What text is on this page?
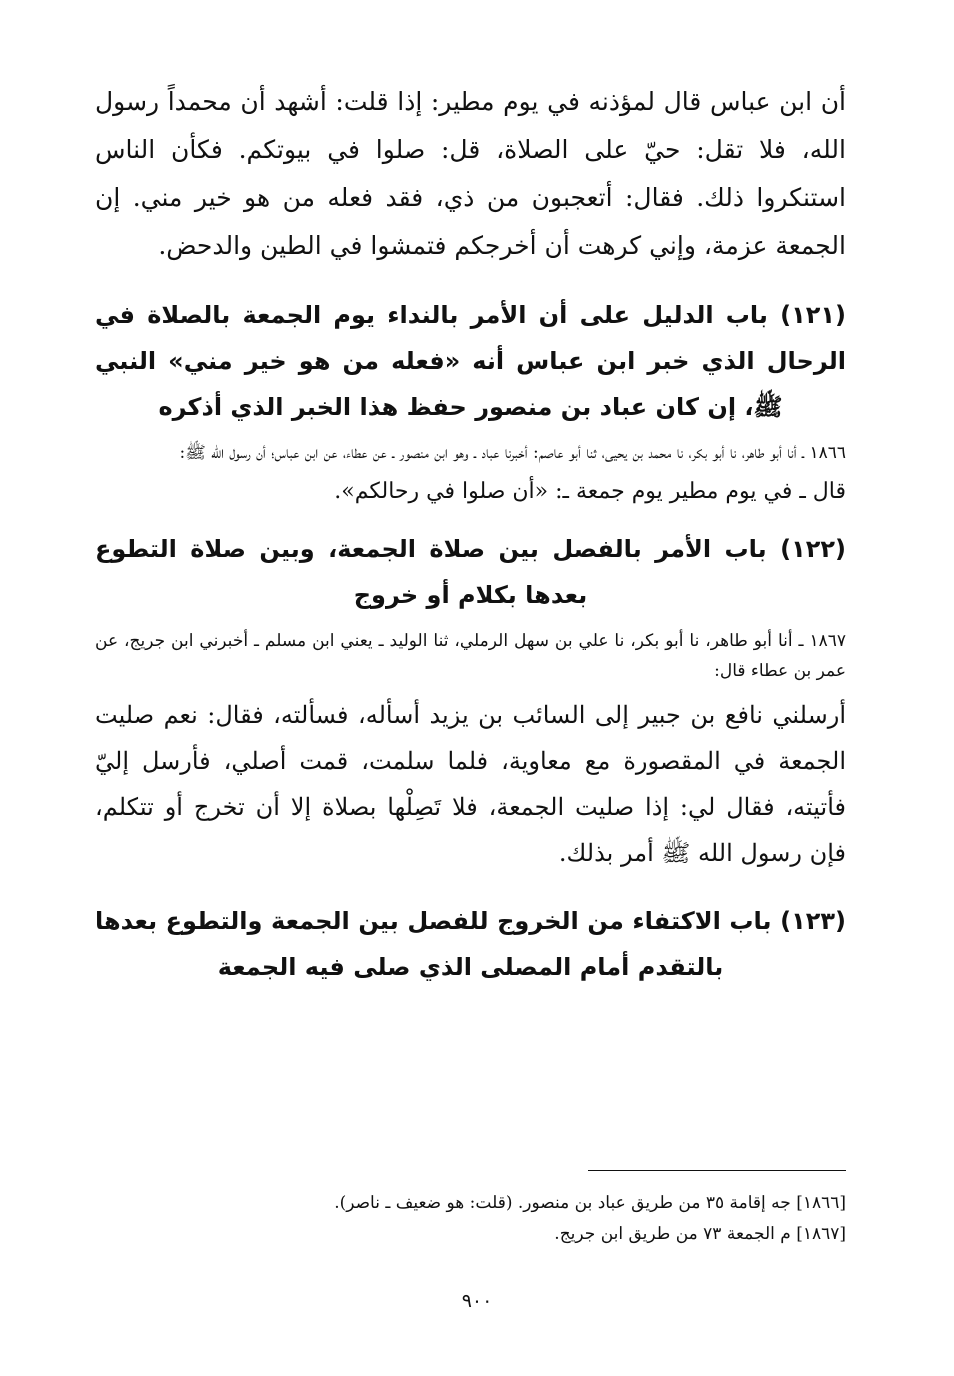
أن ابن عباس قال لمؤذنه في يوم مطير: إذا قلت: أشهد أن محمداً رسول الله، فلا تقل: حيّ على الصلاة، قل: صلوا في بيوتكم. فكأن الناس استنكروا ذلك. فقال: أتعجبون من ذي، فقد فعله من هو خير مني. إن الجمعة عزمة، وإني كرهت أن أخرجكم فتمشوا في الطين والدحض.

(١٢١) باب الدليل على أن الأمر بالنداء يوم الجمعة بالصلاة في الرحال الذي خبر ابن عباس أنه «فعله من هو خير مني» النبي ﷺ، إن كان عباد بن منصور حفظ هذا الخبر الذي أذكره

١٨٦٦ ـ أنا أبو طاهر، نا أبو بكر، نا محمد بن يحيى، ثنا أبو عاصم: أخبرنا عباد ـ وهو ابن منصور ـ عن عطاء، عن ابن عباس؛ أن رسول الله ﷺ:

قال ـ في يوم مطير يوم جمعة ـ: «أن صلوا في رحالكم».

(١٢٢) باب الأمر بالفصل بين صلاة الجمعة، وبين صلاة التطوع بعدها بكلام أو خروج

١٨٦٧ ـ أنا أبو طاهر، نا أبو بكر، نا علي بن سهل الرملي، ثنا الوليد ـ يعني ابن مسلم ـ أخبرني ابن جريج، عن عمر بن عطاء قال:

أرسلني نافع بن جبير إلى السائب بن يزيد أسأله، فسألته، فقال: نعم صليت الجمعة في المقصورة مع معاوية، فلما سلمت، قمت أصلي، فأرسل إليّ فأتيته، فقال لي: إذا صليت الجمعة، فلا تَصِلْها بصلاة إلا أن تخرج أو تتكلم، فإن رسول الله ﷺ أمر بذلك.

(١٢٣) باب الاكتفاء من الخروج للفصل بين الجمعة والتطوع بعدها بالتقدم أمام المصلى الذي صلى فيه الجمعة
[١٨٦٦] جه إقامة ٣٥ من طريق عباد بن منصور. (قلت: هو ضعيف ـ ناصر).
[١٨٦٧] م الجمعة ٧٣ من طريق ابن جريج.
٩٠٠
